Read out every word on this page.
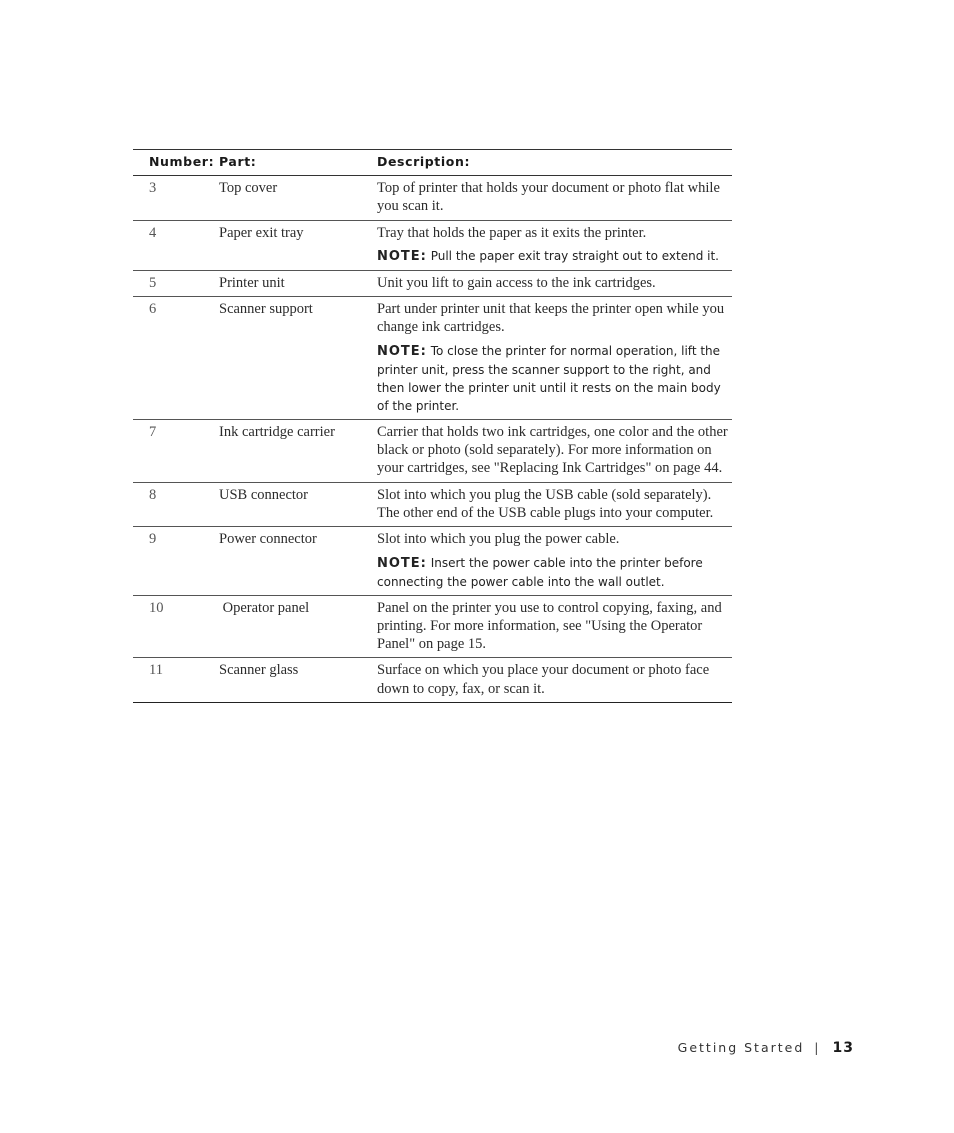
Number:	Part:	Description:
3	Top cover	Top of printer that holds your document or photo flat while you scan it.

4	Paper exit tray	Tray that holds the paper as it exits the printer.
NOTE: Pull the paper exit tray straight out to extend it.

5	Printer unit	Unit you lift to gain access to the ink cartridges.

6	Scanner support	Part under printer unit that keeps the printer open while you change ink cartridges.
NOTE: To close the printer for normal operation, lift the printer unit, press the scanner support to the right, and then lower the printer unit until it rests on the main body of the printer.

7	Ink cartridge carrier	Carrier that holds two ink cartridges, one color and the other black or photo (sold separately). For more information on your cartridges, see "Replacing Ink Cartridges" on page 44.

8	USB connector	Slot into which you plug the USB cable (sold separately). The other end of the USB cable plugs into your computer.

9	Power connector	Slot into which you plug the power cable.
NOTE: Insert the power cable into the printer before connecting the power cable into the wall outlet.

10	Operator panel	Panel on the printer you use to control copying, faxing, and printing. For more information, see "Using the Operator Panel" on page 15.

11	Scanner glass	Surface on which you place your document or photo face down to copy, fax, or scan it.
Getting Started | 13
